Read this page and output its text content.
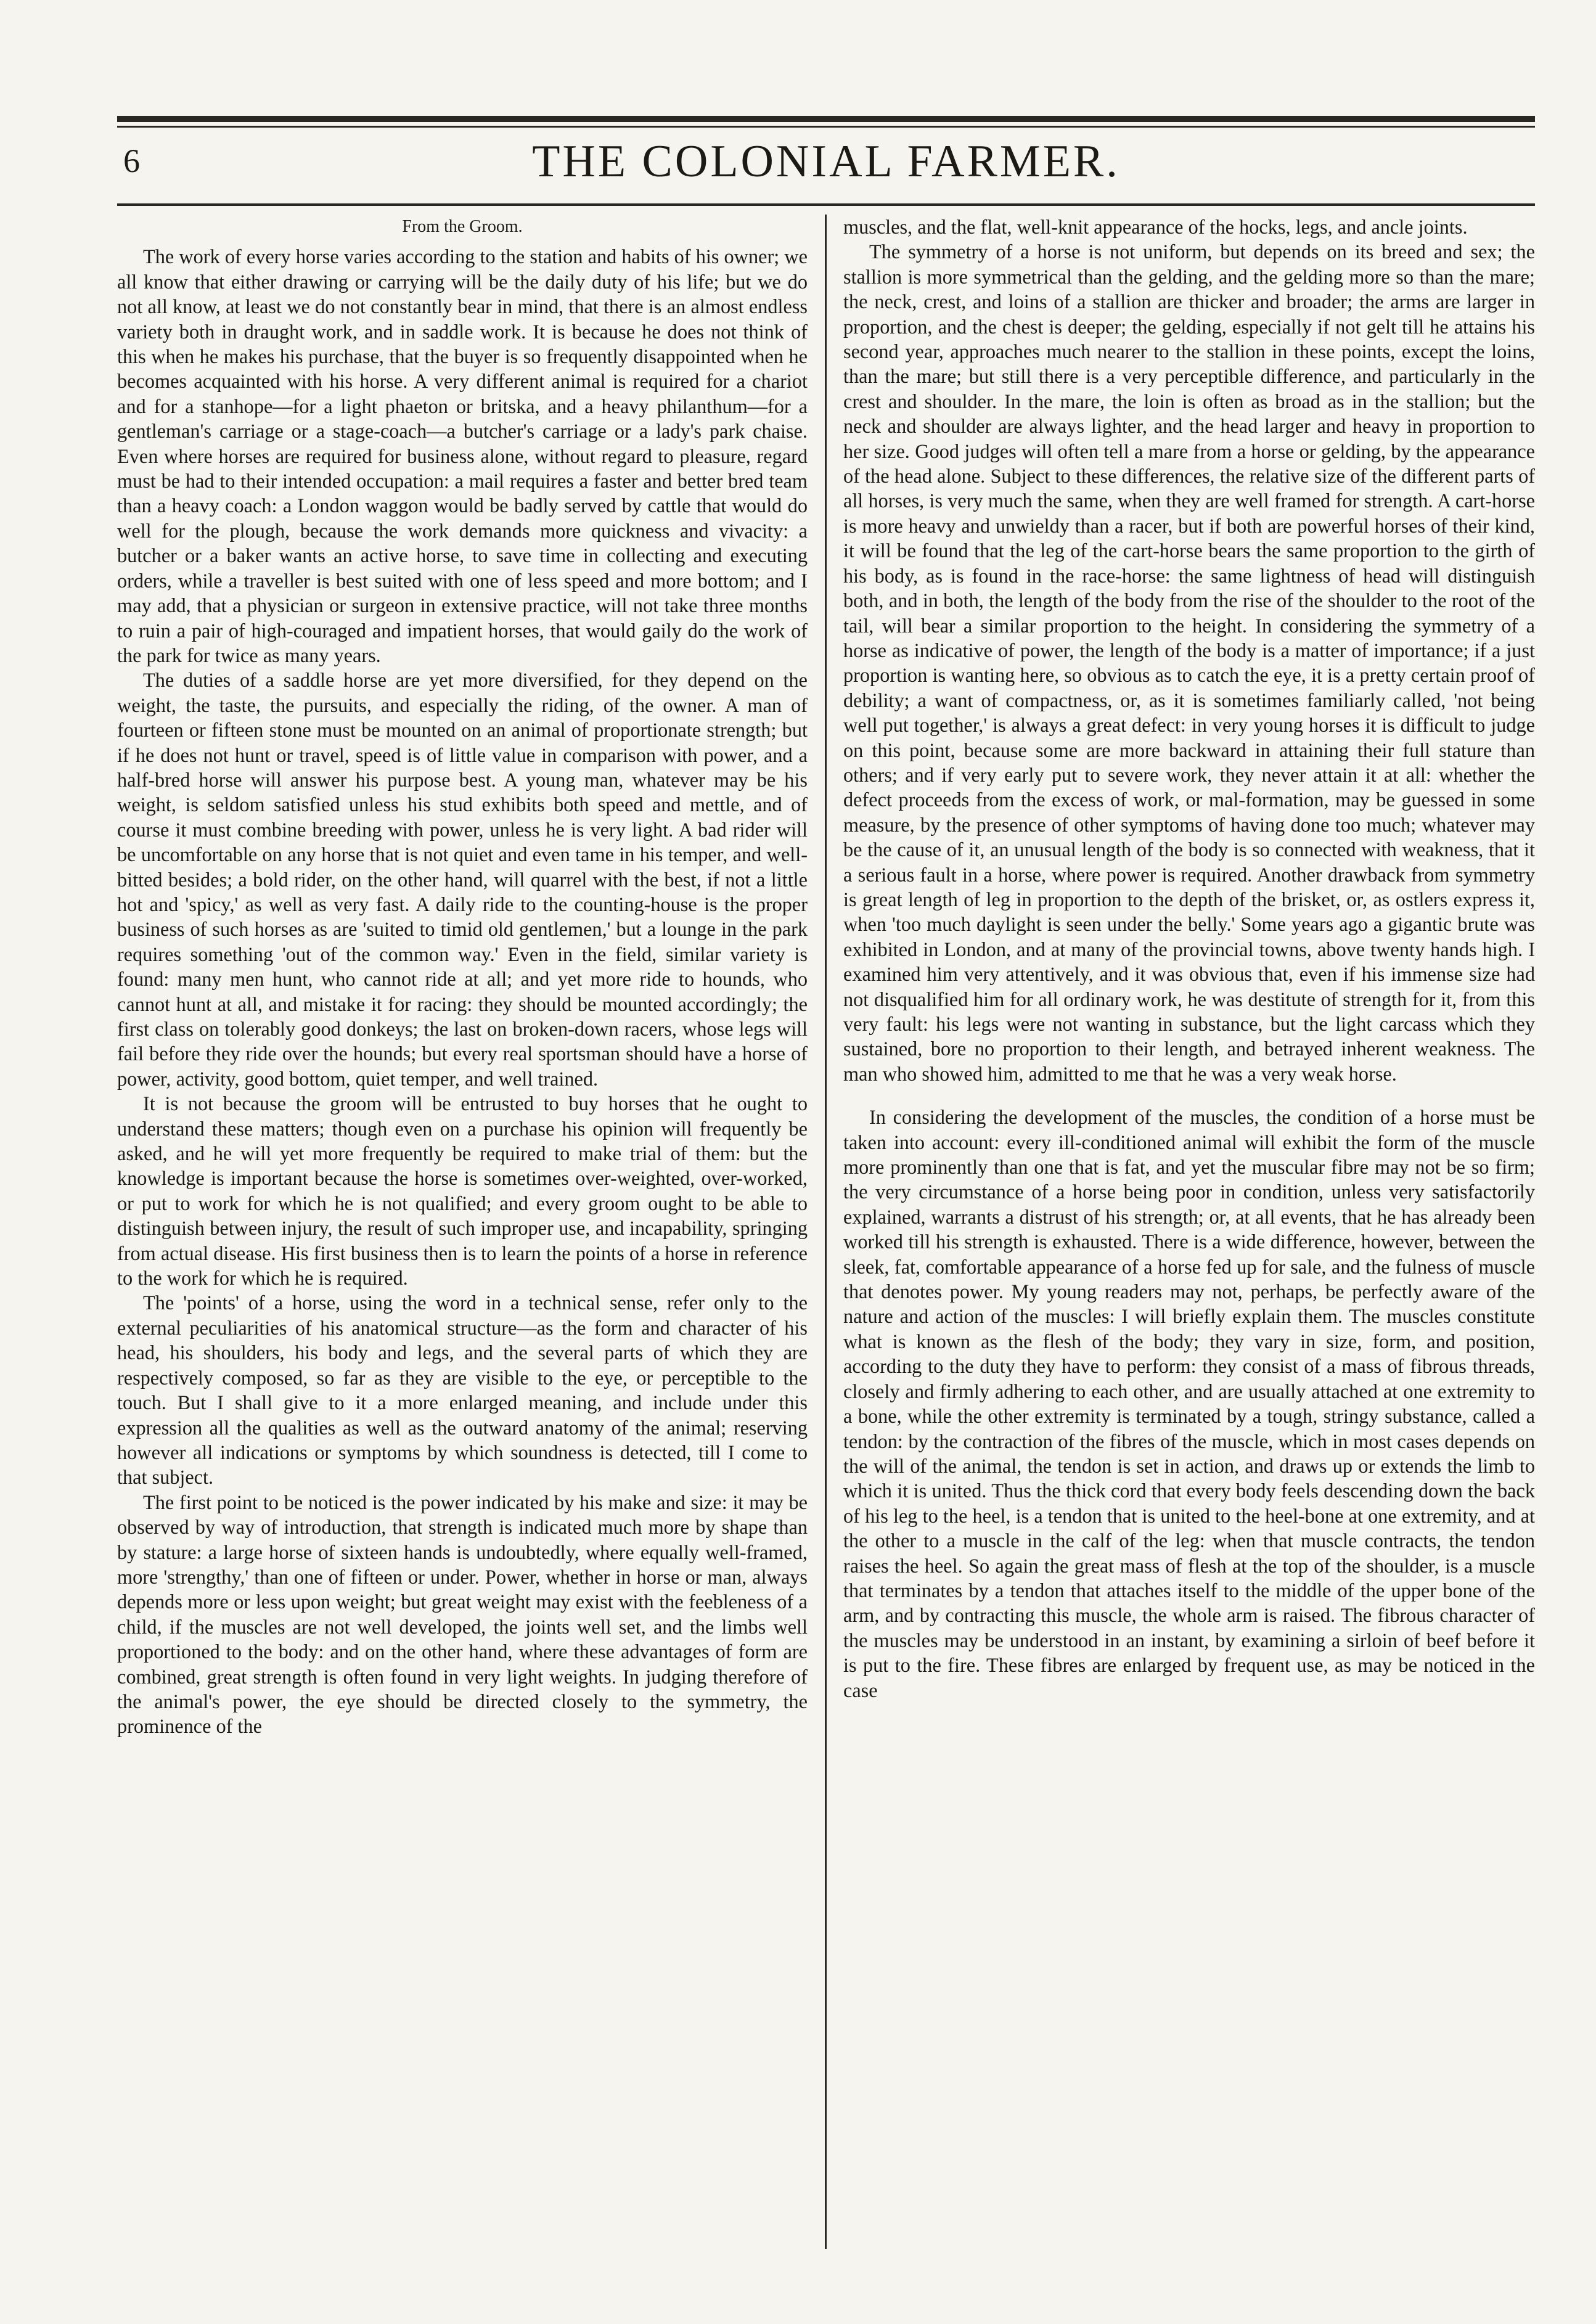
6	THE COLONIAL FARMER.
From the Groom.

The work of every horse varies according to the station and habits of his owner; we all know that either drawing or carrying will be the daily duty of his life; but we do not all know, at least we do not constantly bear in mind, that there is an almost endless variety both in draught work, and in saddle work. It is because he does not think of this when he makes his purchase, that the buyer is so frequently disappointed when he becomes acquainted with his horse. A very different animal is required for a chariot and for a stanhope—for a light phaeton or britska, and a heavy philanthum—for a gentleman's carriage or a stage-coach—a butcher's carriage or a lady's park chaise. Even where horses are required for business alone, without regard to pleasure, regard must be had to their intended occupation: a mail requires a faster and better bred team than a heavy coach: a London waggon would be badly served by cattle that would do well for the plough, because the work demands more quickness and vivacity: a butcher or a baker wants an active horse, to save time in collecting and executing orders, while a traveller is best suited with one of less speed and more bottom; and I may add, that a physician or surgeon in extensive practice, will not take three months to ruin a pair of high-couraged and impatient horses, that would gaily do the work of the park for twice as many years.

The duties of a saddle horse are yet more diversified, for they depend on the weight, the taste, the pursuits, and especially the riding, of the owner. A man of fourteen or fifteen stone must be mounted on an animal of proportionate strength; but if he does not hunt or travel, speed is of little value in comparison with power, and a half-bred horse will answer his purpose best. A young man, whatever may be his weight, is seldom satisfied unless his stud exhibits both speed and mettle, and of course it must combine breeding with power, unless he is very light. A bad rider will be uncomfortable on any horse that is not quiet and even tame in his temper, and well-bitted besides; a bold rider, on the other hand, will quarrel with the best, if not a little hot and 'spicy,' as well as very fast. A daily ride to the counting-house is the proper business of such horses as are 'suited to timid old gentlemen,' but a lounge in the park requires something 'out of the common way.' Even in the field, similar variety is found: many men hunt, who cannot ride at all; and yet more ride to hounds, who cannot hunt at all, and mistake it for racing: they should be mounted accordingly; the first class on tolerably good donkeys; the last on broken-down racers, whose legs will fail before they ride over the hounds; but every real sportsman should have a horse of power, activity, good bottom, quiet temper, and well trained.

It is not because the groom will be entrusted to buy horses that he ought to understand these matters; though even on a purchase his opinion will frequently be asked, and he will yet more frequently be required to make trial of them: but the knowledge is important because the horse is sometimes over-weighted, over-worked, or put to work for which he is not qualified; and every groom ought to be able to distinguish between injury, the result of such improper use, and incapability, springing from actual disease. His first business then is to learn the points of a horse in reference to the work for which he is required.

The 'points' of a horse, using the word in a technical sense, refer only to the external peculiarities of his anatomical structure—as the form and character of his head, his shoulders, his body and legs, and the several parts of which they are respectively composed, so far as they are visible to the eye, or perceptible to the touch. But I shall give to it a more enlarged meaning, and include under this expression all the qualities as well as the outward anatomy of the animal; reserving however all indications or symptoms by which soundness is detected, till I come to that subject.

The first point to be noticed is the power indicated by his make and size: it may be observed by way of introduction, that strength is indicated much more by shape than by stature: a large horse of sixteen hands is undoubtedly, where equally well-framed, more 'strengthy,' than one of fifteen or under. Power, whether in horse or man, always depends more or less upon weight; but great weight may exist with the feebleness of a child, if the muscles are not well developed, the joints well set, and the limbs well proportioned to the body: and on the other hand, where these advantages of form are combined, great strength is often found in very light weights. In judging therefore of the animal's power, the eye should be directed closely to the symmetry, the prominence of the

muscles, and the flat, well-knit appearance of the hocks, legs, and ancle joints.

The symmetry of a horse is not uniform, but depends on its breed and sex; the stallion is more symmetrical than the gelding, and the gelding more so than the mare; the neck, crest, and loins of a stallion are thicker and broader; the arms are larger in proportion, and the chest is deeper; the gelding, especially if not gelt till he attains his second year, approaches much nearer to the stallion in these points, except the loins, than the mare; but still there is a very perceptible difference, and particularly in the crest and shoulder. In the mare, the loin is often as broad as in the stallion; but the neck and shoulder are always lighter, and the head larger and heavy in proportion to her size. Good judges will often tell a mare from a horse or gelding, by the appearance of the head alone. Subject to these differences, the relative size of the different parts of all horses, is very much the same, when they are well framed for strength. A cart-horse is more heavy and unwieldy than a racer, but if both are powerful horses of their kind, it will be found that the leg of the cart-horse bears the same proportion to the girth of his body, as is found in the race-horse: the same lightness of head will distinguish both, and in both, the length of the body from the rise of the shoulder to the root of the tail, will bear a similar proportion to the height. In considering the symmetry of a horse as indicative of power, the length of the body is a matter of importance; if a just proportion is wanting here, so obvious as to catch the eye, it is a pretty certain proof of debility; a want of compactness, or, as it is sometimes familiarly called, 'not being well put together,' is always a great defect: in very young horses it is difficult to judge on this point, because some are more backward in attaining their full stature than others; and if very early put to severe work, they never attain it at all: whether the defect proceeds from the excess of work, or mal-formation, may be guessed in some measure, by the presence of other symptoms of having done too much; whatever may be the cause of it, an unusual length of the body is so connected with weakness, that it a serious fault in a horse, where power is required. Another drawback from symmetry is great length of leg in proportion to the depth of the brisket, or, as ostlers express it, when 'too much daylight is seen under the belly.' Some years ago a gigantic brute was exhibited in London, and at many of the provincial towns, above twenty hands high. I examined him very attentively, and it was obvious that, even if his immense size had not disqualified him for all ordinary work, he was destitute of strength for it, from this very fault: his legs were not wanting in substance, but the light carcass which they sustained, bore no proportion to their length, and betrayed inherent weakness. The man who showed him, admitted to me that he was a very weak horse.

In considering the development of the muscles, the condition of a horse must be taken into account: every ill-conditioned animal will exhibit the form of the muscle more prominently than one that is fat, and yet the muscular fibre may not be so firm; the very circumstance of a horse being poor in condition, unless very satisfactorily explained, warrants a distrust of his strength; or, at all events, that he has already been worked till his strength is exhausted. There is a wide difference, however, between the sleek, fat, comfortable appearance of a horse fed up for sale, and the fulness of muscle that denotes power. My young readers may not, perhaps, be perfectly aware of the nature and action of the muscles: I will briefly explain them. The muscles constitute what is known as the flesh of the body; they vary in size, form, and position, according to the duty they have to perform: they consist of a mass of fibrous threads, closely and firmly adhering to each other, and are usually attached at one extremity to a bone, while the other extremity is terminated by a tough, stringy substance, called a tendon: by the contraction of the fibres of the muscle, which in most cases depends on the will of the animal, the tendon is set in action, and draws up or extends the limb to which it is united. Thus the thick cord that every body feels descending down the back of his leg to the heel, is a tendon that is united to the heel-bone at one extremity, and at the other to a muscle in the calf of the leg: when that muscle contracts, the tendon raises the heel. So again the great mass of flesh at the top of the shoulder, is a muscle that terminates by a tendon that attaches itself to the middle of the upper bone of the arm, and by contracting this muscle, the whole arm is raised. The fibrous character of the muscles may be understood in an instant, by examining a sirloin of beef before it is put to the fire. These fibres are enlarged by frequent use, as may be noticed in the case
